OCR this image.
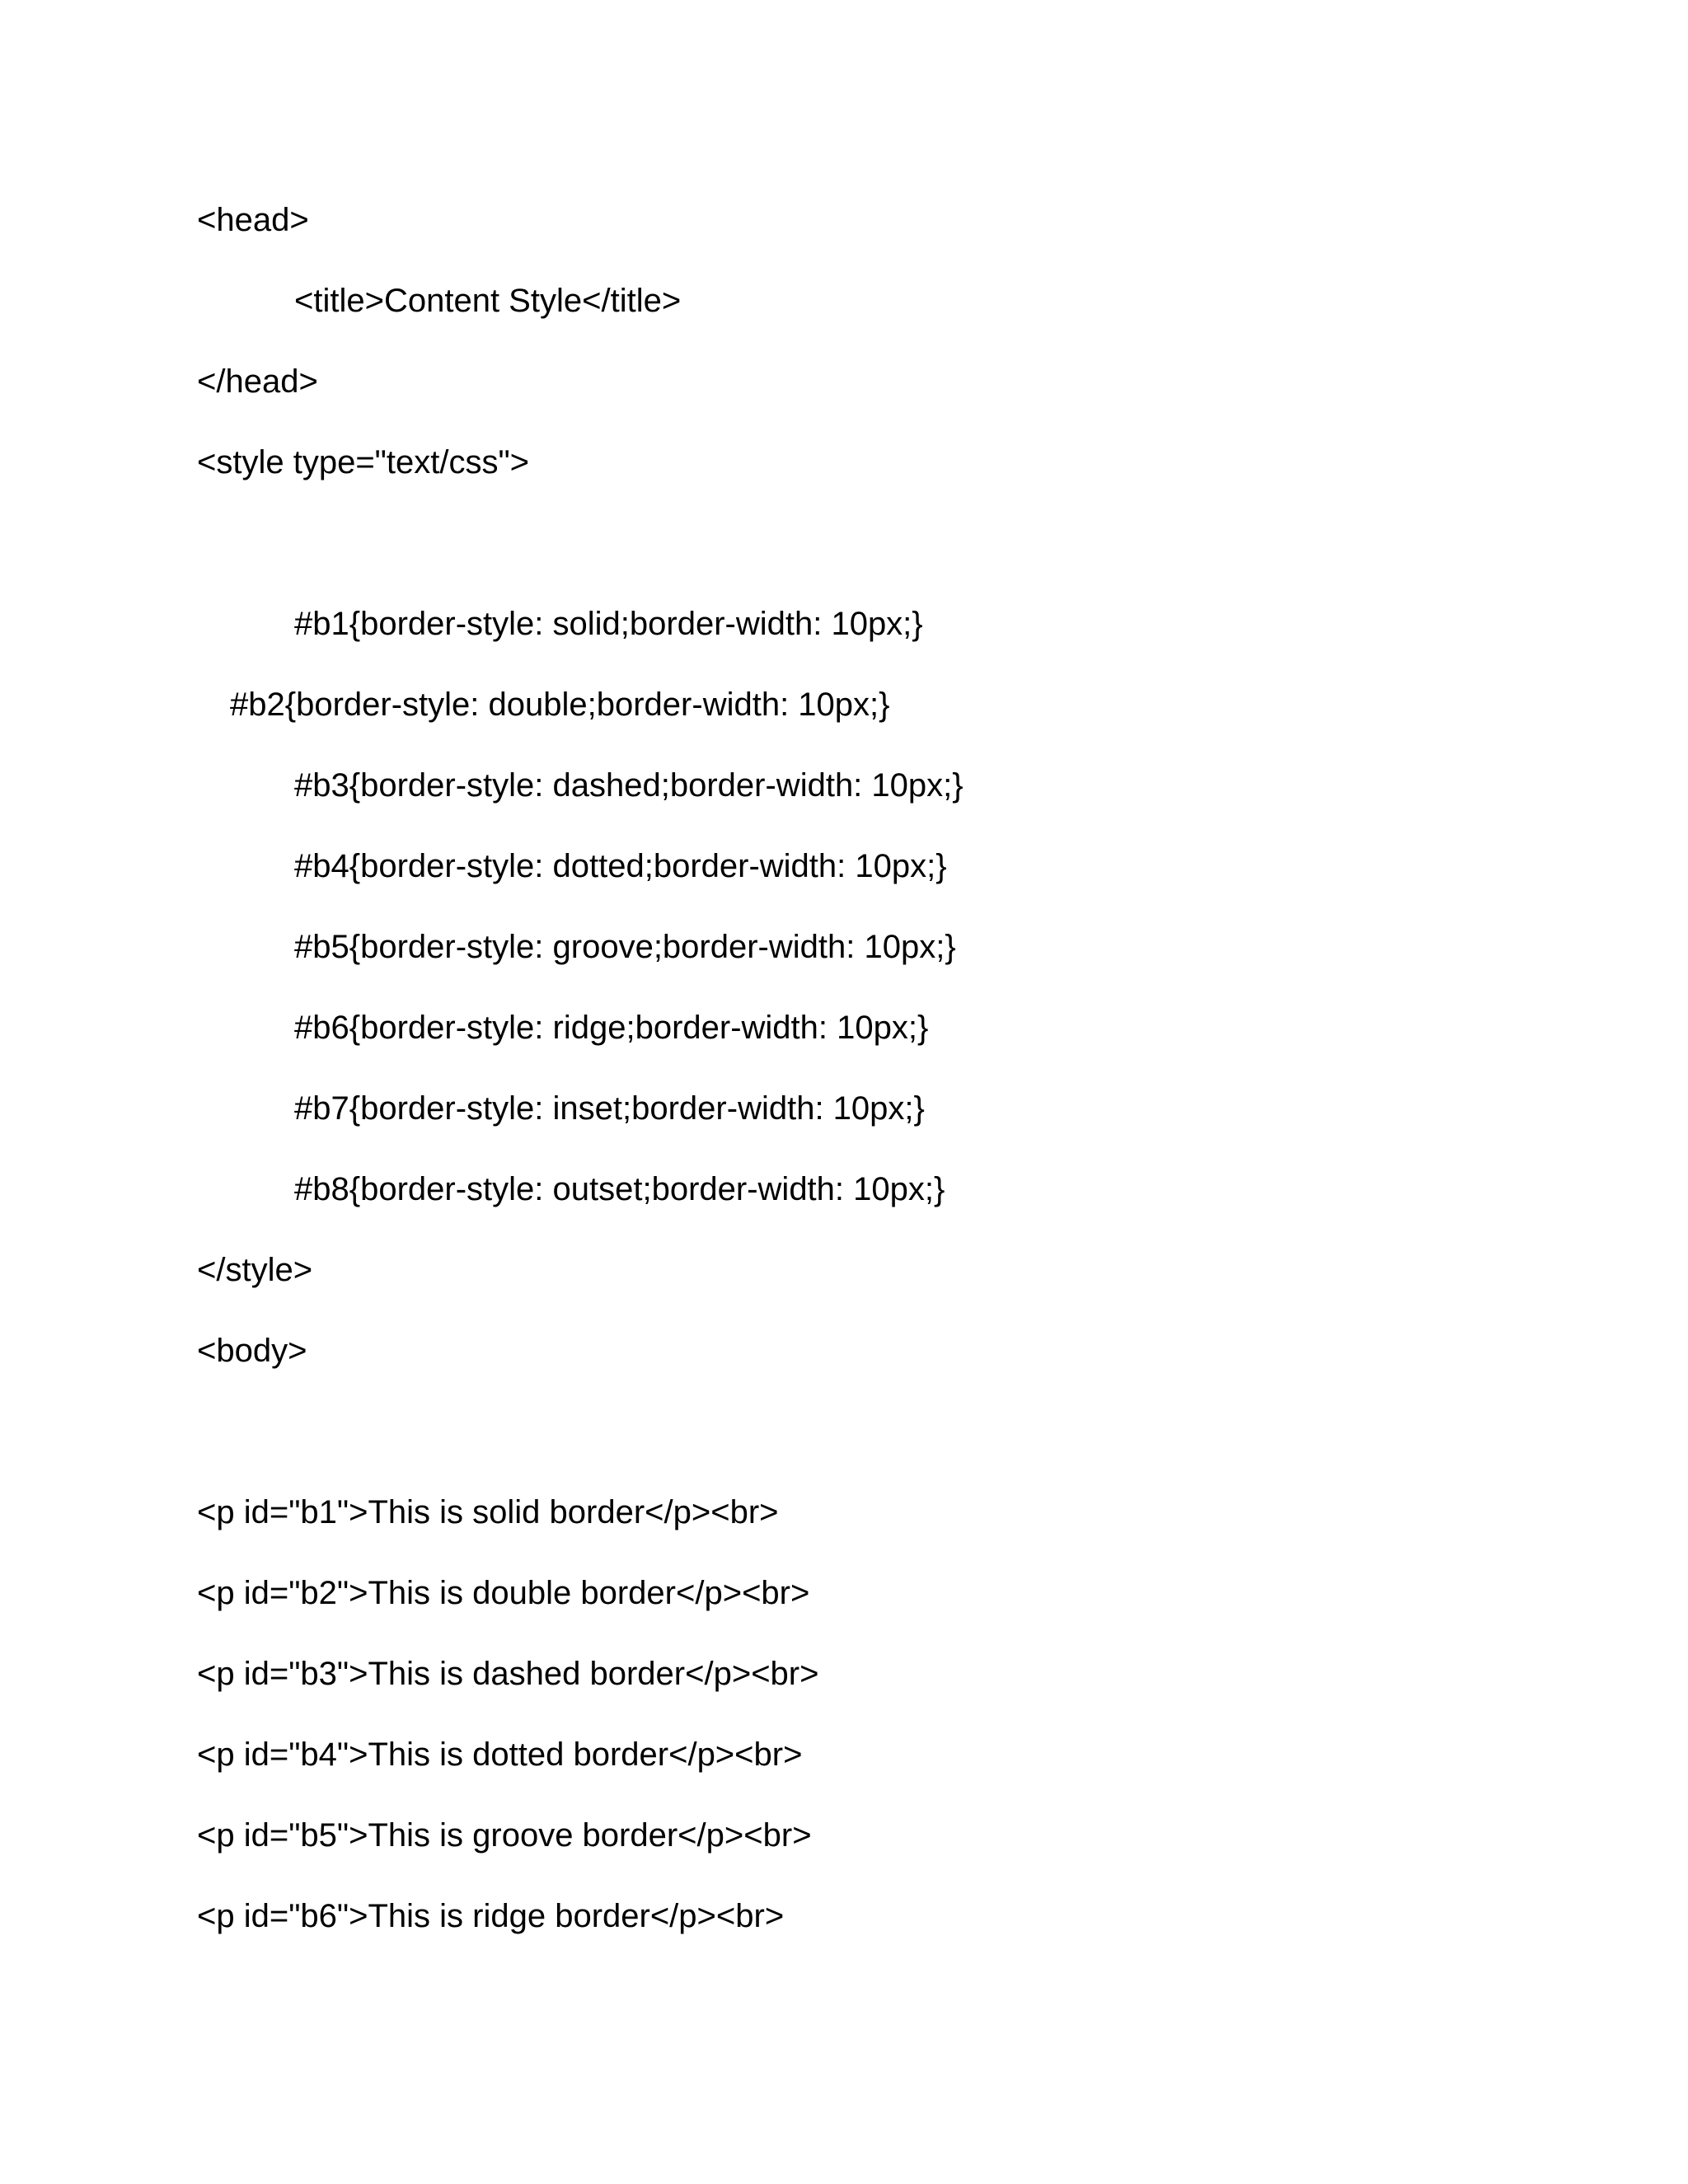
<head>
<title>Content Style</title>
</head>
<style type="text/css">
#b1{border-style: solid;border-width: 10px;}
#b2{border-style: double;border-width: 10px;}
#b3{border-style: dashed;border-width: 10px;}
#b4{border-style: dotted;border-width: 10px;}
#b5{border-style: groove;border-width: 10px;}
#b6{border-style: ridge;border-width: 10px;}
#b7{border-style: inset;border-width: 10px;}
#b8{border-style: outset;border-width: 10px;}
</style>
<body>
<p id="b1">This is solid border</p><br>
<p id="b2">This is double border</p><br>
<p id="b3">This is dashed border</p><br>
<p id="b4">This is dotted border</p><br>
<p id="b5">This is groove border</p><br>
<p id="b6">This is ridge border</p><br>
